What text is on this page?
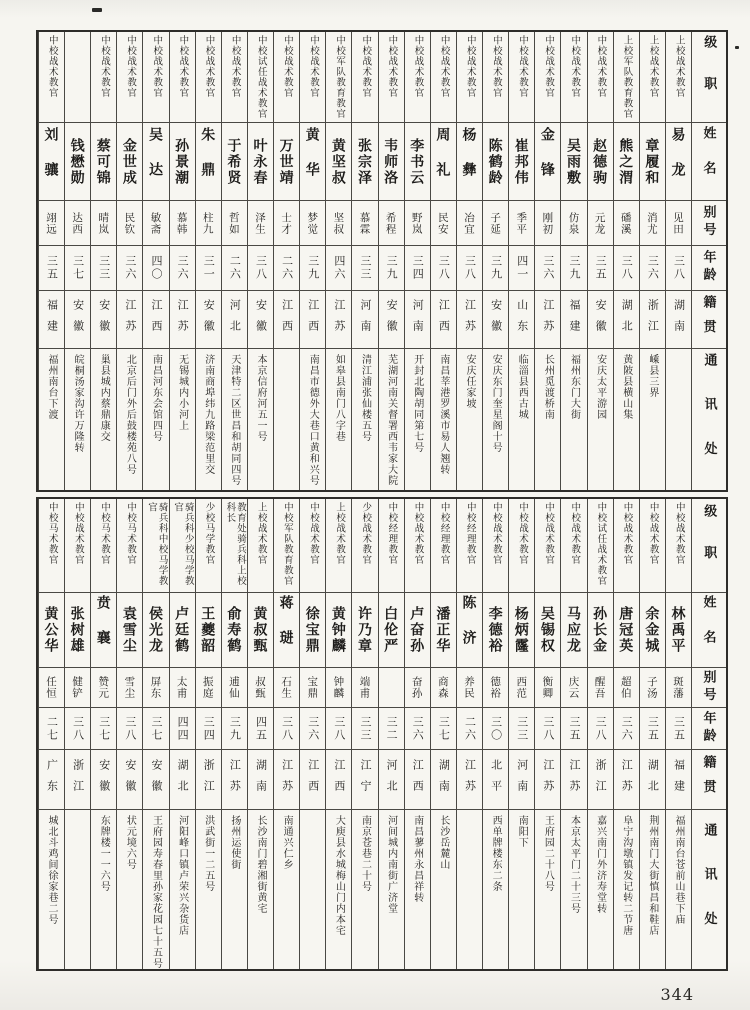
级职
姓名
别号
年龄
籍贯
通讯处
上校战术教官
易龙
见田
三八
湖南
上校战术教官
章履和
消尤
三六
浙江
嵊县三界
上校军队教育教官
熊之渭
磻溪
三八
湖北
黄陂县横山集
中校战术教官
赵德驹
元龙
三五
安徽
安庆太平游园
中校战术教官
吴雨敷
仿泉
三九
福建
福州东门大街
中校战术教官
金锋
刚初
三六
江苏
长州觅渡桥南
中校战术教官
崔邦伟
季平
四一
山东
临淄县西古城
中校战术教官
陈鹤龄
子延
三九
安徽
安庆东门奎星阁十号
中校战术教官
杨彝
冶宜
三八
江苏
安庆任家坡
中校战术教官
周礼
民安
三八
江西
南昌莘港罗溪市易人翘转
中校战术教官
李书云
野岚
三四
河南
开封北陶胡同第七号
中校战术教官
韦师洛
希程
三九
安徽
芜湖河南关督署西韦家大院
中校战术教官
张宗泽
慕霖
三三
河南
清江浦张仙楼五号
中校军队教育教官
黄坚叔
坚叔
四六
江苏
如皋县南门八字巷
中校战术教官
黄华
梦觉
三九
江西
南昌市德外大巷口黄和兴号
中校战术教官
万世靖
士才
二六
江西
中校试任战术教官
叶永春
泽生
三八
安徽
本京信府河五一号
中校战术教官
于希贤
哲如
二六
河北
天津特二区世昌和胡同四号
中校战术教官
朱鼎
柱九
三一
安徽
济南商埠纬九路梁范里交
中校战术教官
孙景潮
慕韩
三六
江苏
无锡城内小河上
中校战术教官
吴达
敏斋
四〇
江西
南昌河东会馆四号
中校战术教官
金世成
民钦
三六
江苏
北京后门外后鼓楼苑八号
中校战术教官
蔡可锦
晴岚
三三
安徽
巢县城内蔡鼎康交
钱懋勋
达西
三七
安徽
皖桐汤家沟许万隆转
中校战术教官
刘骧
翊远
三五
福建
福州南台下渡
级职
姓名
别号
年龄
籍贯
通讯处
中校战术教官
林禹平
斑藩
三五
福建
福州南台苍前山巷下庙
中校战术教官
余金城
子汤
三五
湖北
荆州南门大街慎昌和鞋店
中校战术教官
唐冠英
超伯
三六
江苏
阜宁沟墩镇发记转二节唐
中校试任战术教官
孙长金
醒吾
三八
浙江
嘉兴南门外济寿堂转
中校战术教官
马应龙
庆云
三五
江苏
本京太平门二十三号
中校战术教官
吴锡权
衡卿
三八
江苏
王府园二十八号
中校战术教官
杨炳霳
西范
三三
河南
南阳下
中校战术教官
李德裕
德裕
三〇
北平
西单牌楼东二条
中校经理教官
陈济
养民
二六
江苏
中校经理教官
潘正华
商森
三七
湖南
长沙岳麓山
中校战术教官
卢奋孙
奋孙
三六
江西
南昌蓼州永昌祥转
中校经理教官
白伦严
三二
河北
河间城内南街广济堂
少校战术教官
许乃章
端甫
三三
江宁
南京苍巷二十号
上校战术教官
黄钟麟
钟麟
三八
江西
大庾县水城梅山门内本宅
中校战术教官
徐宝鼎
宝鼎
三六
江西
中校军队教育教官
蒋琎
石生
三八
江苏
南通兴仁乡
上校战术教官
黄叔甄
叔甄
四五
湖南
长沙南门碧湘街黄宅
教育处骑兵科上校科长
俞寿鹤
逋仙
三九
江苏
扬州运使街
少校马学教官
王夔韶
振庭
三四
浙江
洪武街一二五号
骑兵科少校马学教官
卢廷鹤
太甫
四四
湖北
河阳峰口镇卢荣兴杂货店
骑兵科中校马学教官
侯光龙
屏东
三七
安徽
王府园寿春里孙家花园七十五号
中校马术教官
袁雪尘
雪尘
三八
安徽
状元境六号
中校马术教官
贲襄
赞元
三七
安徽
东牌楼一一六号
中校战术教官
张树雄
健铲
三八
浙江
中校马术教官
黄公华
任恒
二七
广东
城北斗鸡间徐家巷二号
344
